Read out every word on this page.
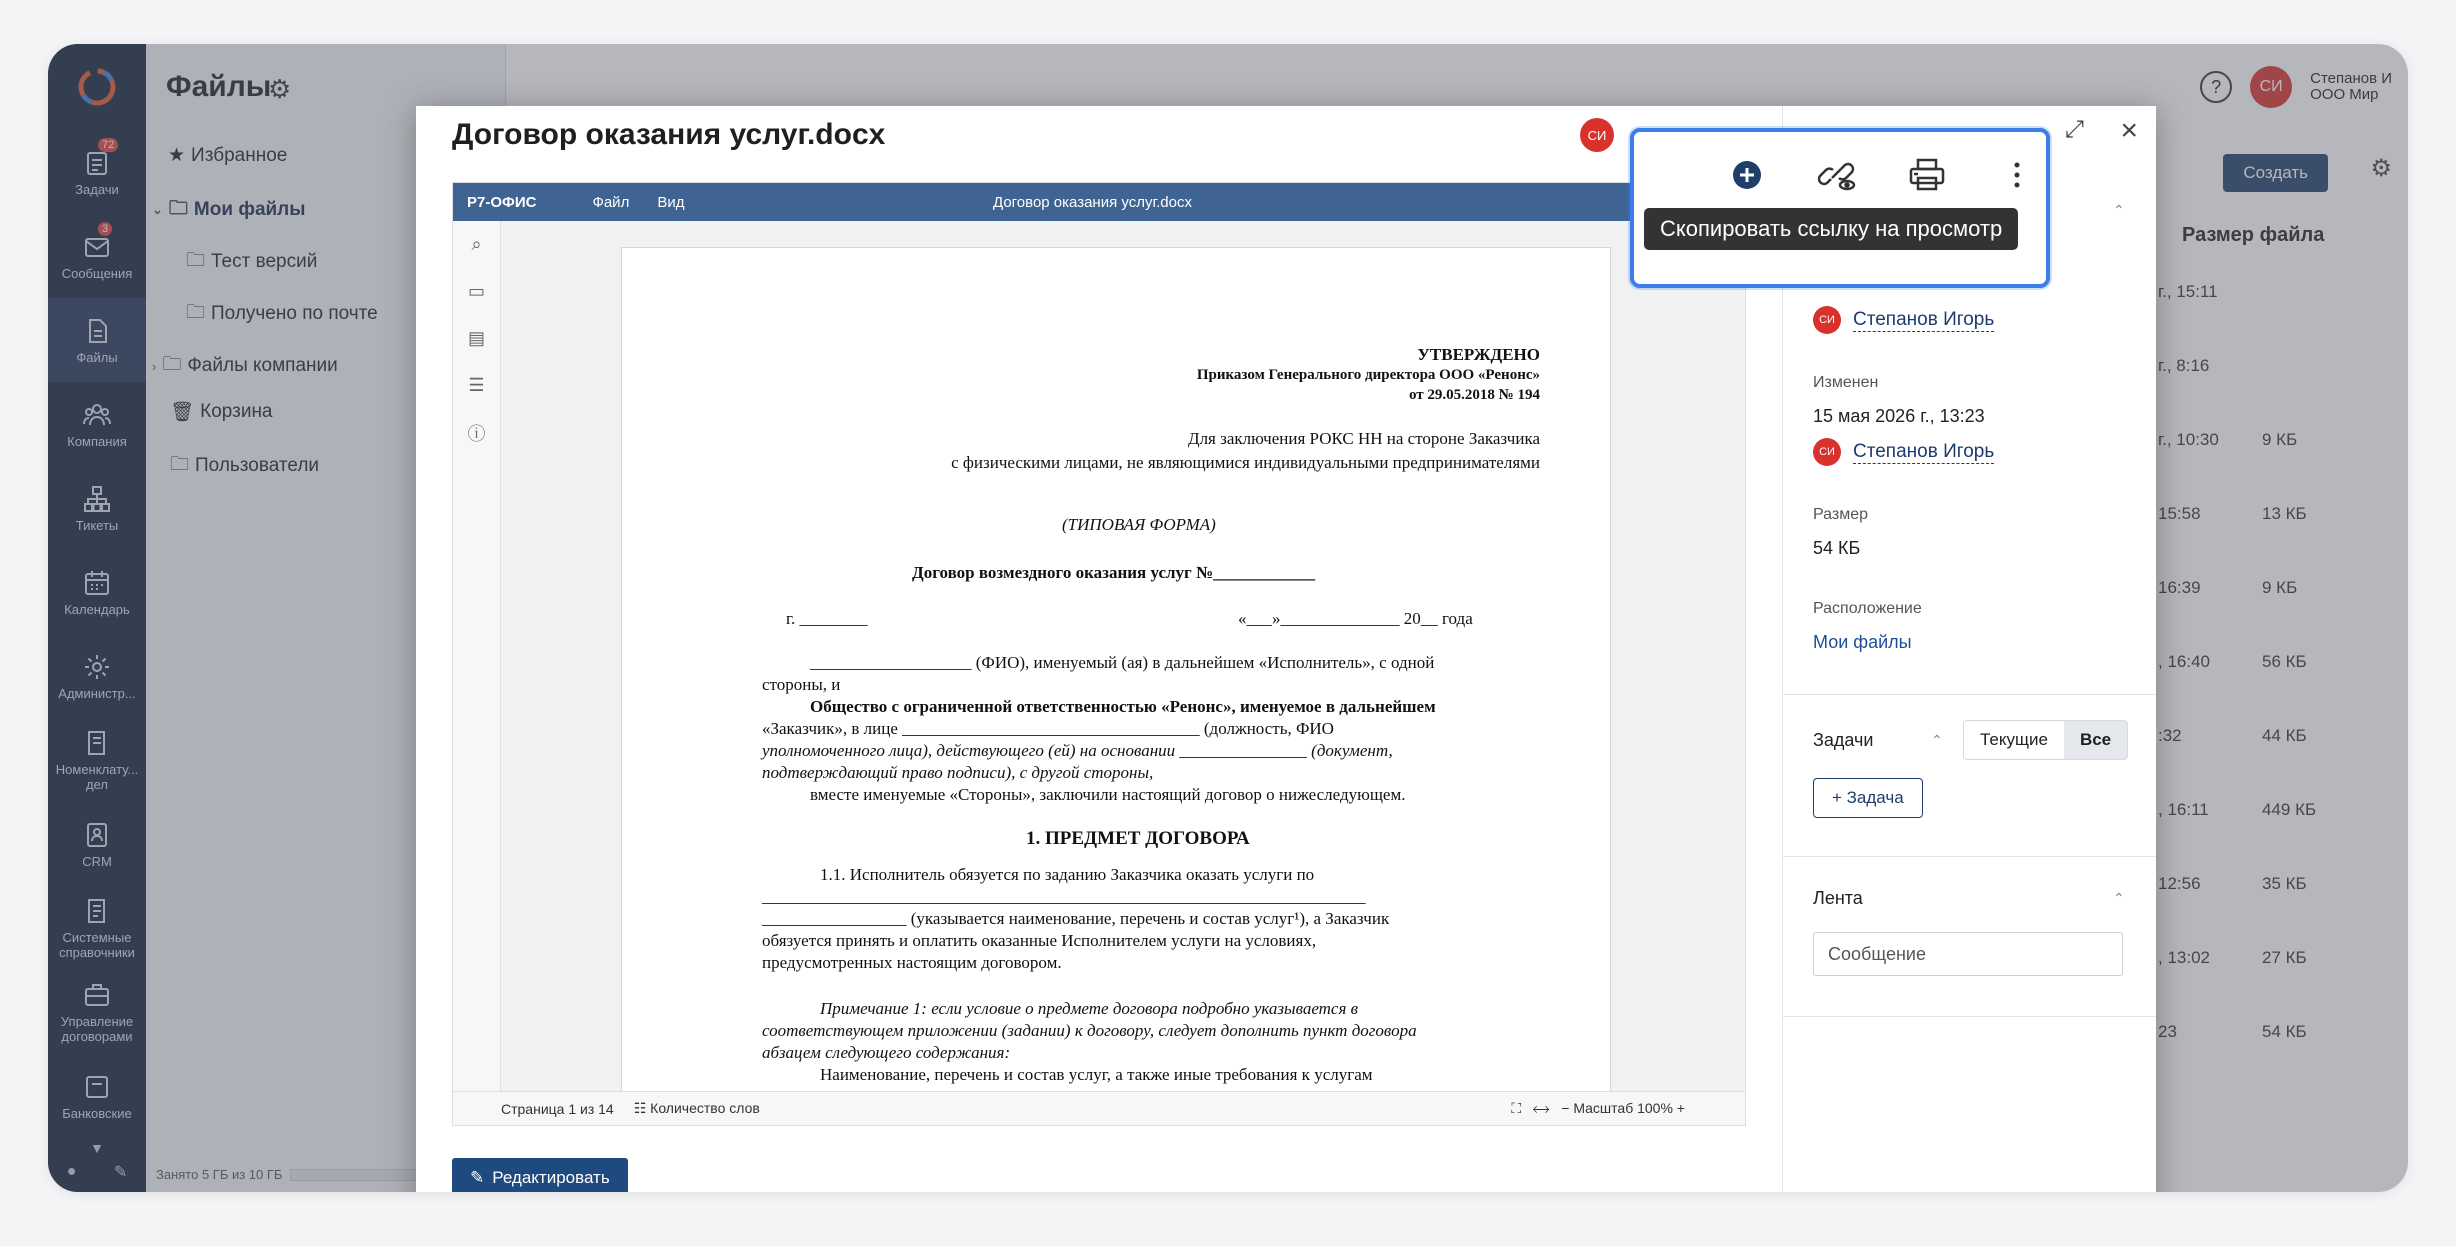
72
Задачи
3
Сообщения
Файлы
Компания
Тикеты
Календарь
Администр...
Номенклату... дел
CRM
Системные справочники
Управление договорами
Банковские
▼
● ✎
Файлы
⚙
★ Избранное
⌄ 🗀 Мои файлы
🗀 Тест версий
🗀 Получено по почте
› 🗀 Файлы компании
🗑 Корзина
🗀 Пользователи
Занято 5 ГБ из 10 ГБ
?	СИ	Степанов И
ООО Мир
Создать	⚙
Размер файла
г., 15:11
г., 8:16
г., 10:30	9 КБ
15:58	13 КБ
16:39	9 КБ
, 16:40	56 КБ
:32	44 КБ
, 16:11	449 КБ
12:56	35 КБ
, 13:02	27 КБ
23	54 КБ
Договор оказания услуг.docx	СИ	⤢ ×
Р7-ОФИС	Файл Вид	Договор оказания услуг.docx
⌕
▭
▤
☰
ⓘ

УТВЕРЖДЕНО

Приказом Генерального директора ООО «Ренонс»

от 29.05.2018 № 194

Для заключения РОКС НН на стороне Заказчика

с физическими лицами, не являющимися индивидуальными предпринимателями

(ТИПОВАЯ ФОРМА)

Договор возмездного оказания услуг №____________

г. ________	«___»______________ 20__ года

___________________ (ФИО), именуемый (ая) в дальнейшем «Исполнитель», с одной

стороны, и

Общество с ограниченной ответственностью «Ренонс», именуемое в дальнейшем

«Заказчик», в лице ___________________________________ (должность, ФИО

уполномоченного лица), действующего (ей) на основании _______________ (документ,

подтверждающий право подписи), с другой стороны,

вместе именуемые «Стороны», заключили настоящий договор о нижеследующем.

1. ПРЕДМЕТ ДОГОВОРА

1.1. Исполнитель обязуется по заданию Заказчика оказать услуги по

_______________________________________________________________________

_________________ (указывается наименование, перечень и состав услуг¹), а Заказчик

обязуется принять и оплатить оказанные Исполнителем услуги на условиях,

предусмотренных настоящим договором.

Примечание 1: если условие о предмете договора подробно указывается в

соответствующем приложении (задании) к договору, следует дополнить пункт договора

абзацем следующего содержания:

Наименование, перечень и состав услуг, а также иные требования к услугам

Страница 1 из 14 ☷ Количество слов	⛶   ⟷   − Масштаб 100% +
✎ Редактировать
⌃
СИ Степанов Игорь
Изменен
15 мая 2026 г., 13:23
СИ Степанов Игорь
Размер
54 КБ
Расположение
Мои файлы
Задачи	⌃	Текущие	Все
+ Задача
Лента	⌃
Сообщение
Скопировать ссылку на просмотр
